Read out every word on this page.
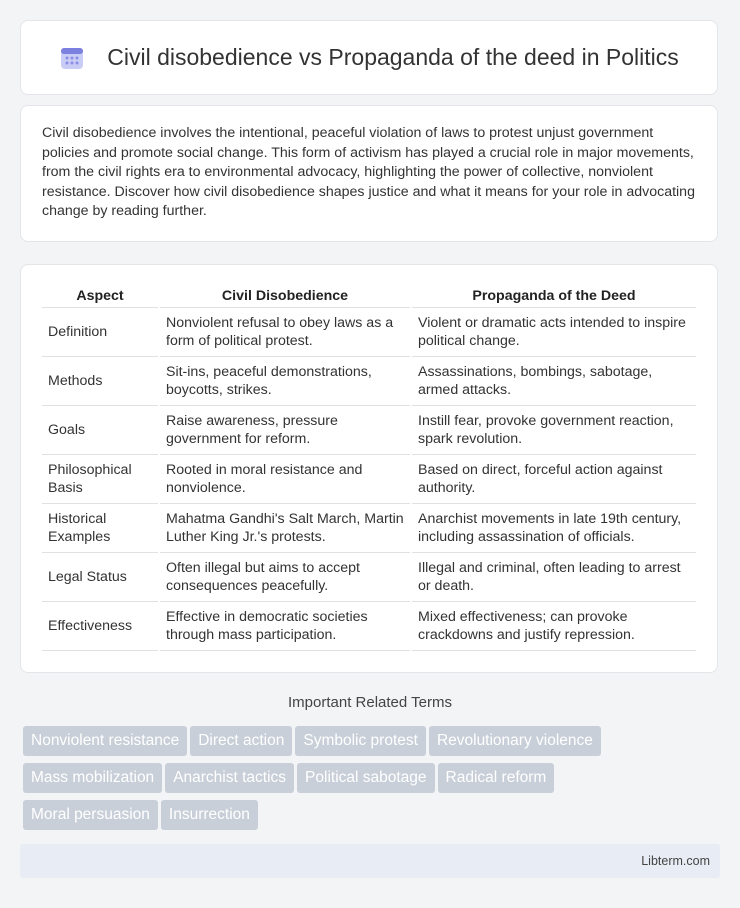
Civil disobedience vs Propaganda of the deed in Politics

Civil disobedience involves the intentional, peaceful violation of laws to protest unjust government policies and promote social change. This form of activism has played a crucial role in major movements, from the civil rights era to environmental advocacy, highlighting the power of collective, nonviolent resistance. Discover how civil disobedience shapes justice and what it means for your role in advocating change by reading further.

Aspect	Civil Disobedience	Propaganda of the Deed
Definition	Nonviolent refusal to obey laws as a form of political protest.	Violent or dramatic acts intended to inspire political change.
Methods	Sit-ins, peaceful demonstrations, boycotts, strikes.	Assassinations, bombings, sabotage, armed attacks.
Goals	Raise awareness, pressure government for reform.	Instill fear, provoke government reaction, spark revolution.
Philosophical Basis	Rooted in moral resistance and nonviolence.	Based on direct, forceful action against authority.
Historical Examples	Mahatma Gandhi's Salt March, Martin Luther King Jr.'s protests.	Anarchist movements in late 19th century, including assassination of officials.
Legal Status	Often illegal but aims to accept consequences peacefully.	Illegal and criminal, often leading to arrest or death.
Effectiveness	Effective in democratic societies through mass participation.	Mixed effectiveness; can provoke crackdowns and justify repression.
Important Related Terms
Nonviolent resistance Direct action Symbolic protest Revolutionary violence
Mass mobilization Anarchist tactics Political sabotage Radical reform
Moral persuasion Insurrection
Libterm.com
